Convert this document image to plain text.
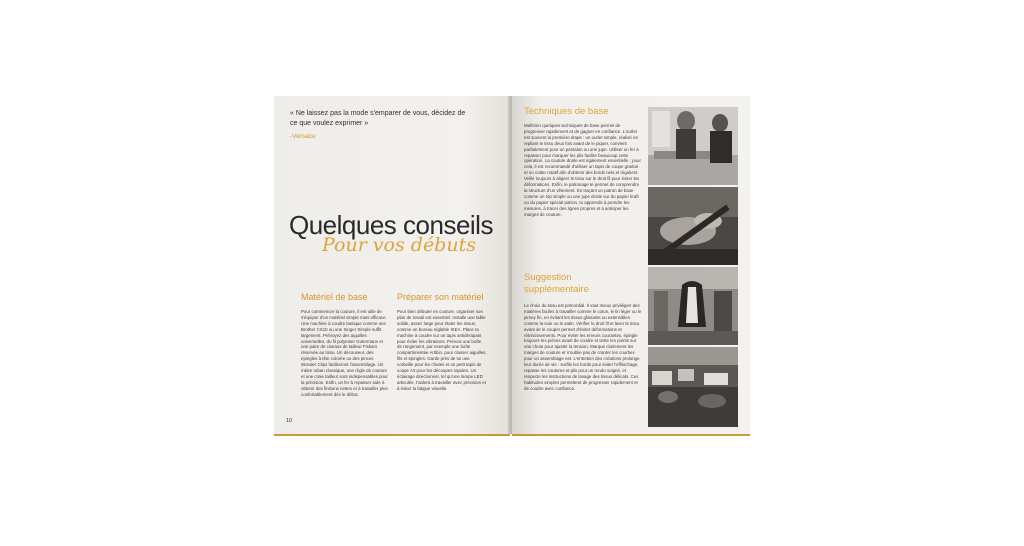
« Ne laissez pas la mode s'emparer de vous, décidez de ce que voulez exprimer »
-Versace
Quelques conseils
Pour vos débuts
Matériel de base
Pour commencer la couture, il est utile de s'équiper d'un matériel simple mais efficace. Une machine à coudre basique comme une Brother CS10 ou une Singer Simple suffit largement. Prévoyez des aiguilles universelles, du fil polyester Gutermann et une paire de ciseaux de tailleur Fiskars réservée au tissu. Un découseur, des épingles à tête colorée ou des pinces Wonder Clips faciliteront l'assemblage. Un mètre ruban classique, une règle de couture et une craie tailleur sont indispensables pour la précision. Enfin, un fer à repasser aide à obtenir des finitions nettes et à travailler plus confortablement dès le début.
Préparer son matériel
Pour bien débuter en couture, organiser son plan de travail est essentiel. Installe une table solide, assez large pour étaler les tissus, comme un bureau réglable IKEA. Place ta machine à coudre sur un tapis antidérapant pour éviter les vibrations. Prévois une boîte de rangement, par exemple une boîte compartimentée Artibin, pour classer aiguilles, fils et épingles. Garde près de toi une corbeille pour les chutes et un petit tapis de coupe A3 pour les découpes rapides. Un éclairage directionnel, tel qu'une lampe LED articulée, t'aidera à travailler avec précision et à éviter la fatigue visuelle.
10
Techniques de base
Maîtriser quelques techniques de base permet de progresser rapidement et de gagner en confiance. L'ourlet est souvent la première étape : un ourlet simple, réalisé en repliant le tissu deux fois avant de le piquer, convient parfaitement pour un pantalon ou une jupe. Utiliser un fer à repasser pour marquer les plis facilite beaucoup cette opération. La couture droite est également essentielle ; pour cela, il est recommandé d'utiliser un tapis de coupe gradué et un cutter rotatif afin d'obtenir des bords nets et réguliers. Veille toujours à aligner le tissu sur le droit fil pour éviter les déformations. Enfin, le patronage te permet de comprendre la structure d'un vêtement. En traçant un patron de base comme un top simple ou une jupe droite sur du papier kraft ou du papier spécial patron, tu apprends à prendre les mesures, à tracer des lignes propres et à anticiper les marges de couture.
Suggestion
supplémentaire
Le choix du tissu est primordial. Il vaut mieux privilégier des matières faciles à travailler comme le coton, le lin léger ou le jersey fin, en évitant les tissus glissants ou extensibles comme la soie ou le satin. Vérifier le droit fil et laver le tissu avant de le couper permet d'éviter déformations et rétrécissements. Pour éviter les erreurs courantes, épingle toujours tes pièces avant de coudre et teste tes points sur une chute pour ajuster la tension. Marque clairement les marges de couture et n'oublie pas de cranter les courbes pour un assemblage net. L'entretien des créations prolonge leur durée de vie : surfile les bords pour éviter l'effilochage, repasse les coutures et plis pour un rendu soigné, et respecte les instructions de lavage des tissus délicats. Ces habitudes simples permettent de progresser rapidement et de coudre avec confiance.
